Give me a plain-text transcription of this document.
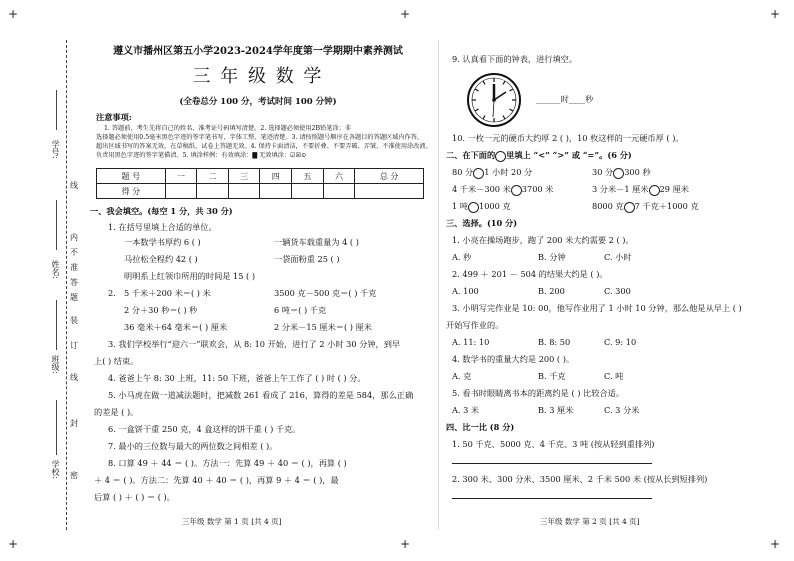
+	+	+
+	+	+
学号:
姓名:
班级:
学校:
线
内
不
准
答
题
装
订
线
封
密
遵义市播州区第五小学2023-2024学年度第一学期期中素养测试
三 年 级 数 学
(全卷总分 100 分，考试时间 100 分钟)
注意事项:
1. 答题前，考生先将自己的姓名、准考证号码填写清楚。2. 选择题必须使用2B铅笔涂；非
选择题必须使用0.5毫米黑色字迹的签字笔书写，字体工整、笔迹清楚。3. 请按照题号顺序在各题目的答题区域内作答，
超出区域书写的答案无效，在草稿纸、试卷上答题无效。4. 保持卡面清洁，不要折叠、不要弄破、弄皱，不准使用涂改液、
负责用黑色字迹的签字笔描清。5. 填涂样例：有效填涂：▇ 无效填涂：☑☒⊙
题 号	一	二	三	四	五	六	总 分
得 分							
一、我会填空。(每空 1 分，共 30 分)
1. 在括号里填上合适的单位。
一本数学书厚约 6 ( )	一辆货车载重量为 4 ( )
马拉松全程约 42 ( )	一袋面粉重 25 ( )
明明系上红领巾所用的时间是 15 ( )
2. 5 千米＋200 米＝( ) 米	3500 克－500 克＝( ) 千克
2 分＋30 秒＝( ) 秒	6 吨＝( ) 千克
36 毫米＋64 毫米＝( ) 厘米	2 分米－15 厘米＝( ) 厘米
3. 我们学校举行“迎六一”联欢会，从 8: 10 开始，进行了 2 小时 30 分钟，到早
上( ) 结束。
4. 爸爸上午 8: 30 上班，11: 50 下班，爸爸上午工作了 ( ) 时 ( ) 分。
5. 小马虎在做一道减法题时，把减数 261 看成了 216，算得的差是 584，那么正确
的差是 ( )。
6. 一盒饼干重 250 克，4 盒这样的饼干重 ( ) 千克。
7. 最小的三位数与最大的两位数之间相差 ( )。
8. 口算 49 ＋ 44 ＝ ( )。方法一：先算 49 ＋ 40 ＝ ( )，再算 ( )
＋ 4 ＝ ( )。方法二：先算 40 ＋ 40 ＝ ( )，再算 9 ＋ 4 ＝ ( )，最
后算 ( ) ＋ ( ) ＝ ( )。
三年级 数学 第 1 页 [共 4 页]
9. 认真看下面的钟表，进行填空。
______时____秒
10. 一枚一元的硬币大约厚 2 ( )，10 枚这样的一元硬币厚 ( )。
二、在下面的 里填上 “<” “>” 或 “=”。(6 分)
80 分 1 小时 20 分	30 分 300 秒
4 千米－300 米 3700 米	3 分米－1 厘米 29 厘米
1 吨 1000 克	8000 克 7 千克＋1000 克
三、选择。(10 分)
1. 小亮在操场跑步，跑了 200 米大约需要 2 ( )。
A. 秒	B. 分钟	C. 小时
2. 499 ＋ 201 － 504 的结果大约是 ( )。
A. 100	B. 200	C. 300
3. 小明写完作业是 10: 00，他写作业用了 1 小时 10 分钟，那么他是从早上 ( )
开始写作业的。
A. 11: 10	B. 8: 50	C. 9: 10
4. 数学书的重量大约是 200 ( )。
A. 克	B. 千克	C. 吨
5. 看书时眼睛离书本的距离约是 ( ) 比较合适。
A. 3 米	B. 3 厘米	C. 3 分米
四、比一比 (8 分)
1. 50 千克、5000 克、4 千克、3 吨 (按从轻到重排列)
2. 300 米、300 分米、3500 厘米、2 千米 500 米 (按从长到短排列)
三年级 数学 第 2 页 [共 4 页]
